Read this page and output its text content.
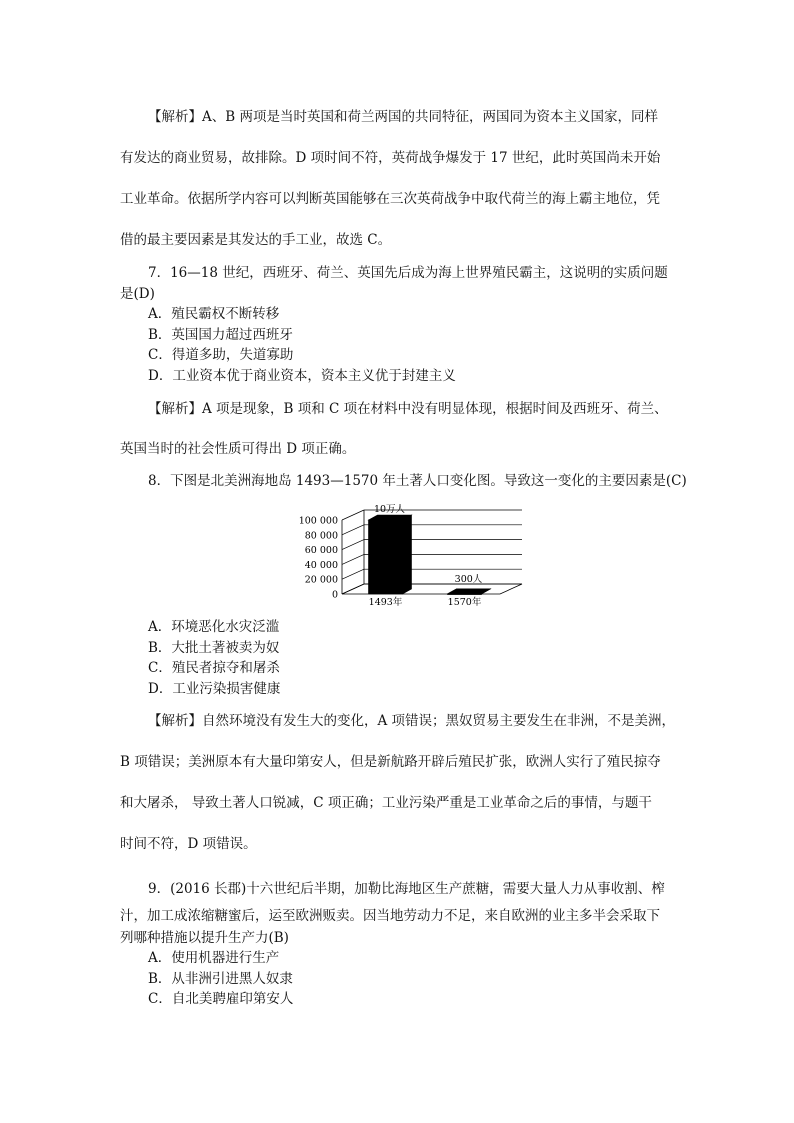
【解析】A、B 两项是当时英国和荷兰两国的共同特征，两国同为资本主义国家，同样
有发达的商业贸易，故排除。D 项时间不符，英荷战争爆发于 17 世纪，此时英国尚未开始
工业革命。依据所学内容可以判断英国能够在三次英荷战争中取代荷兰的海上霸主地位，凭
借的最主要因素是其发达的手工业，故选 C。
7．16—18 世纪，西班牙、荷兰、英国先后成为海上世界殖民霸主，这说明的实质问题
是(D)
A．殖民霸权不断转移
B．英国国力超过西班牙
C．得道多助，失道寡助
D．工业资本优于商业资本，资本主义优于封建主义
【解析】A 项是现象，B 项和 C 项在材料中没有明显体现，根据时间及西班牙、荷兰、
英国当时的社会性质可得出 D 项正确。
8．下图是北美洲海地岛 1493—1570 年土著人口变化图。导致这一变化的主要因素是(C)
100 000
80 000
60 000
40 000
20 000
0
10万人
300人
1493年	1570年
A．环境恶化水灾泛滥
B．大批土著被卖为奴
C．殖民者掠夺和屠杀
D．工业污染损害健康
【解析】自然环境没有发生大的变化，A 项错误；黑奴贸易主要发生在非洲，不是美洲，
B 项错误；美洲原本有大量印第安人，但是新航路开辟后殖民扩张，欧洲人实行了殖民掠夺
和大屠杀， 导致土著人口锐减，C 项正确；工业污染严重是工业革命之后的事情，与题干
时间不符，D 项错误。
9．(2016 长郡)十六世纪后半期，加勒比海地区生产蔗糖，需要大量人力从事收割、榨
汁，加工成浓缩糖蜜后，运至欧洲贩卖。因当地劳动力不足，来自欧洲的业主多半会采取下
列哪种措施以提升生产力(B)
A．使用机器进行生产
B．从非洲引进黑人奴隶
C．自北美聘雇印第安人
